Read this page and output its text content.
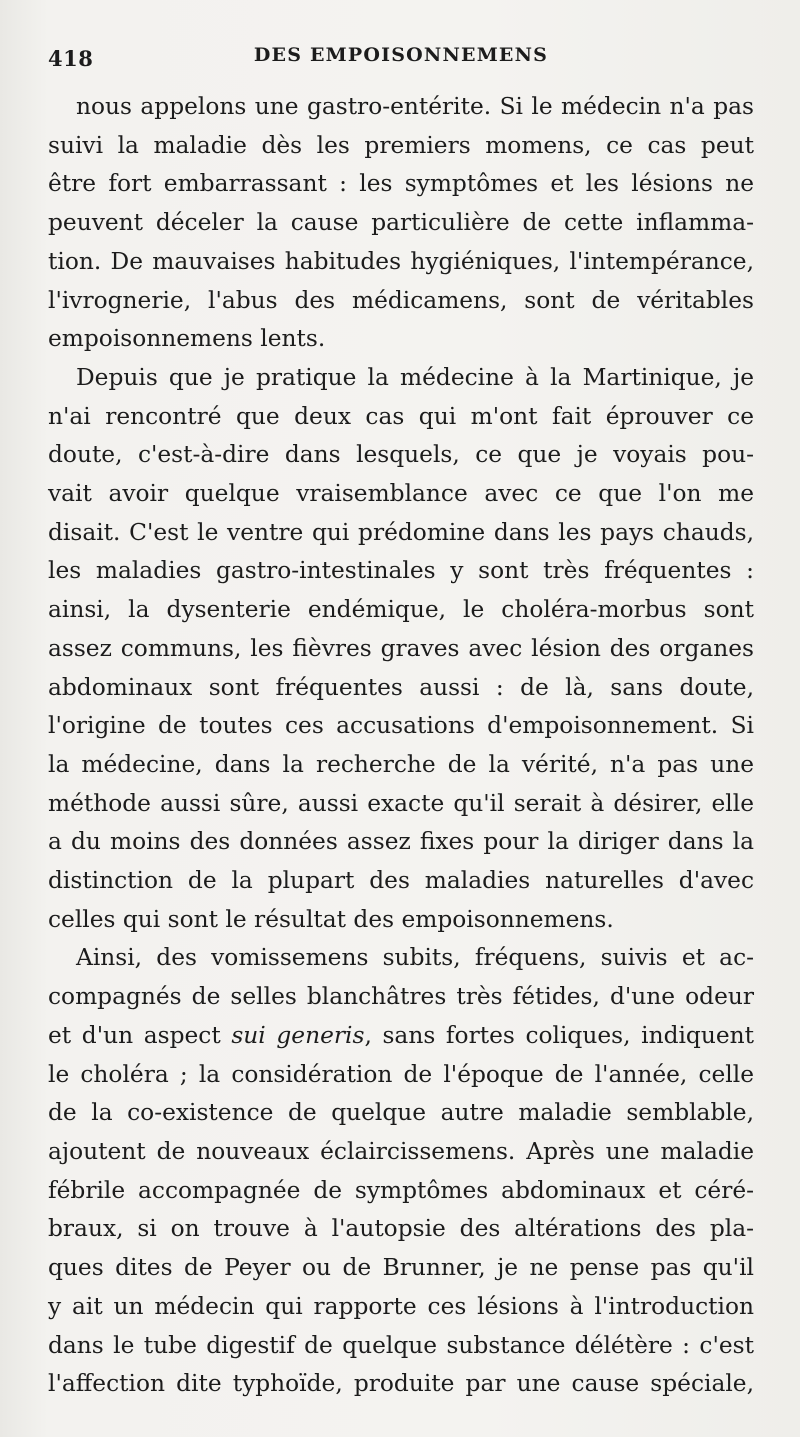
418	DES EMPOISONNEMENS
nous appelons une gastro-entérite. Si le médecin n'a pas
suivi la maladie dès les premiers momens, ce cas peut
être fort embarrassant : les symptômes et les lésions ne
peuvent déceler la cause particulière de cette inflamma-
tion. De mauvaises habitudes hygiéniques, l'intempérance,
l'ivrognerie, l'abus des médicamens, sont de véritables
empoisonnemens lents.
Depuis que je pratique la médecine à la Martinique, je
n'ai rencontré que deux cas qui m'ont fait éprouver ce
doute, c'est-à-dire dans lesquels, ce que je voyais pou-
vait avoir quelque vraisemblance avec ce que l'on me
disait. C'est le ventre qui prédomine dans les pays chauds,
les maladies gastro-intestinales y sont très fréquentes :
ainsi, la dysenterie endémique, le choléra-morbus sont
assez communs, les fièvres graves avec lésion des organes
abdominaux sont fréquentes aussi : de là, sans doute,
l'origine de toutes ces accusations d'empoisonnement. Si
la médecine, dans la recherche de la vérité, n'a pas une
méthode aussi sûre, aussi exacte qu'il serait à désirer, elle
a du moins des données assez fixes pour la diriger dans la
distinction de la plupart des maladies naturelles d'avec
celles qui sont le résultat des empoisonnemens.
Ainsi, des vomissemens subits, fréquens, suivis et ac-
compagnés de selles blanchâtres très fétides, d'une odeur
et d'un aspect sui generis, sans fortes coliques, indiquent
le choléra ; la considération de l'époque de l'année, celle
de la co-existence de quelque autre maladie semblable,
ajoutent de nouveaux éclaircissemens. Après une maladie
fébrile accompagnée de symptômes abdominaux et céré-
braux, si on trouve à l'autopsie des altérations des pla-
ques dites de Peyer ou de Brunner, je ne pense pas qu'il
y ait un médecin qui rapporte ces lésions à l'introduction
dans le tube digestif de quelque substance délétère : c'est
l'affection dite typhoïde, produite par une cause spéciale,
